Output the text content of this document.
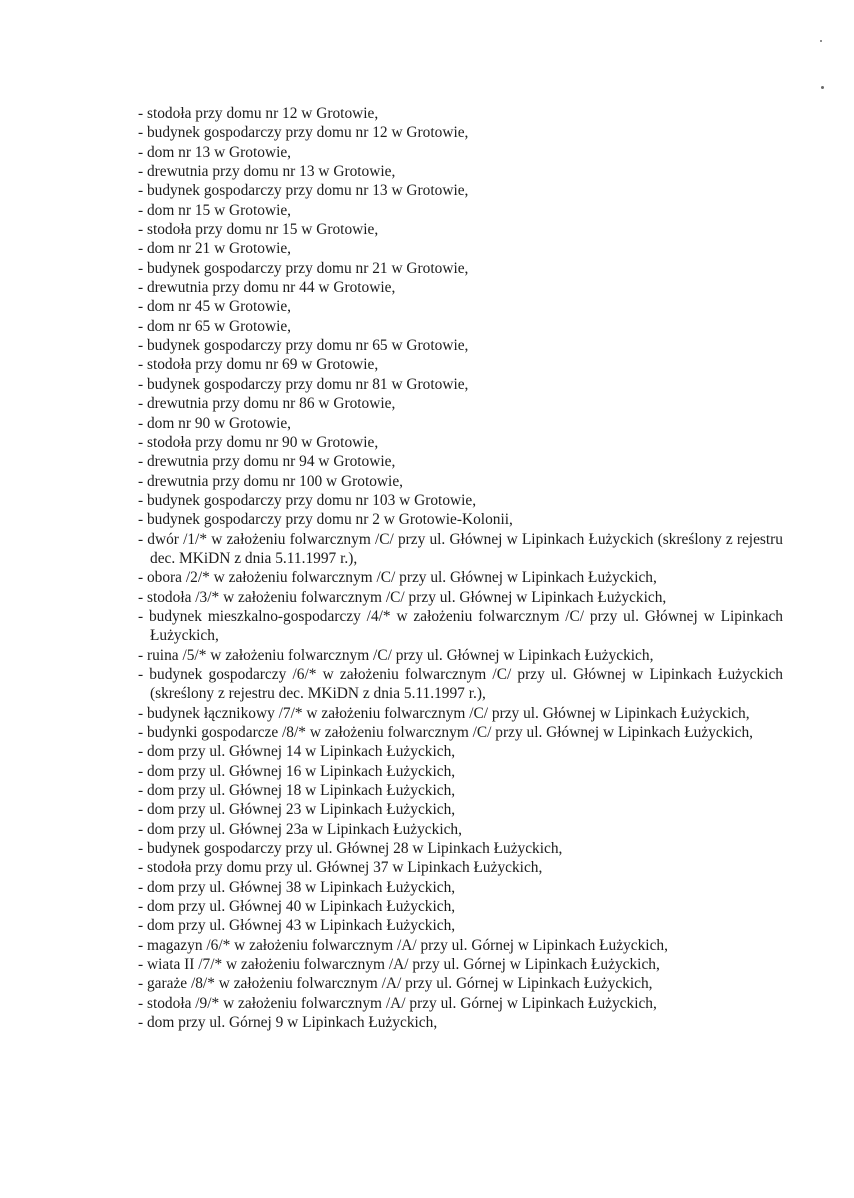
- stodoła przy domu nr 12 w Grotowie,
- budynek gospodarczy przy domu nr 12 w Grotowie,
- dom nr 13 w Grotowie,
- drewutnia przy domu nr 13 w Grotowie,
- budynek gospodarczy przy domu nr 13 w Grotowie,
- dom nr 15 w Grotowie,
- stodoła przy domu nr 15 w Grotowie,
- dom nr 21 w Grotowie,
- budynek gospodarczy przy domu nr 21 w Grotowie,
- drewutnia przy domu nr 44 w Grotowie,
- dom nr 45 w Grotowie,
- dom nr 65 w Grotowie,
- budynek gospodarczy przy domu nr 65 w Grotowie,
- stodoła przy domu nr 69 w Grotowie,
- budynek gospodarczy przy domu nr 81 w Grotowie,
- drewutnia przy domu nr 86 w Grotowie,
- dom nr 90 w Grotowie,
- stodoła przy domu nr 90 w Grotowie,
- drewutnia przy domu nr 94 w Grotowie,
- drewutnia przy domu nr 100 w Grotowie,
- budynek gospodarczy przy domu nr 103 w Grotowie,
- budynek gospodarczy przy domu nr 2 w Grotowie-Kolonii,
- dwór /1/* w założeniu folwarcznym /C/ przy ul. Głównej w Lipinkach Łużyckich (skreślony z rejestru dec. MKiDN z dnia 5.11.1997 r.),
- obora /2/* w założeniu folwarcznym /C/ przy ul. Głównej w Lipinkach Łużyckich,
- stodoła /3/* w założeniu folwarcznym /C/ przy ul. Głównej w Lipinkach Łużyckich,
- budynek mieszkalno-gospodarczy /4/* w założeniu folwarcznym /C/ przy ul. Głównej w Lipinkach Łużyckich,
- ruina /5/* w założeniu folwarcznym /C/ przy ul. Głównej w Lipinkach Łużyckich,
- budynek gospodarczy /6/* w założeniu folwarcznym /C/ przy ul. Głównej w Lipinkach Łużyckich (skreślony z rejestru dec. MKiDN z dnia 5.11.1997 r.),
- budynek łącznikowy /7/* w założeniu folwarcznym /C/ przy ul. Głównej w Lipinkach Łużyckich,
- budynki gospodarcze /8/* w założeniu folwarcznym /C/ przy ul. Głównej w Lipinkach Łużyckich,
- dom przy ul. Głównej 14 w Lipinkach Łużyckich,
- dom przy ul. Głównej 16 w Lipinkach Łużyckich,
- dom przy ul. Głównej 18 w Lipinkach Łużyckich,
- dom przy ul. Głównej 23 w Lipinkach Łużyckich,
- dom przy ul. Głównej 23a w Lipinkach Łużyckich,
- budynek gospodarczy przy ul. Głównej 28 w Lipinkach Łużyckich,
- stodoła przy domu przy ul. Głównej 37 w Lipinkach Łużyckich,
- dom przy ul. Głównej 38 w Lipinkach Łużyckich,
- dom przy ul. Głównej 40 w Lipinkach Łużyckich,
- dom przy ul. Głównej 43 w Lipinkach Łużyckich,
- magazyn /6/* w założeniu folwarcznym /A/ przy ul. Górnej w Lipinkach Łużyckich,
- wiata II /7/* w założeniu folwarcznym /A/ przy ul. Górnej w Lipinkach Łużyckich,
- garaże /8/* w założeniu folwarcznym /A/ przy ul. Górnej w Lipinkach Łużyckich,
- stodoła /9/* w założeniu folwarcznym /A/ przy ul. Górnej w Lipinkach Łużyckich,
- dom przy ul. Górnej 9 w Lipinkach Łużyckich,
